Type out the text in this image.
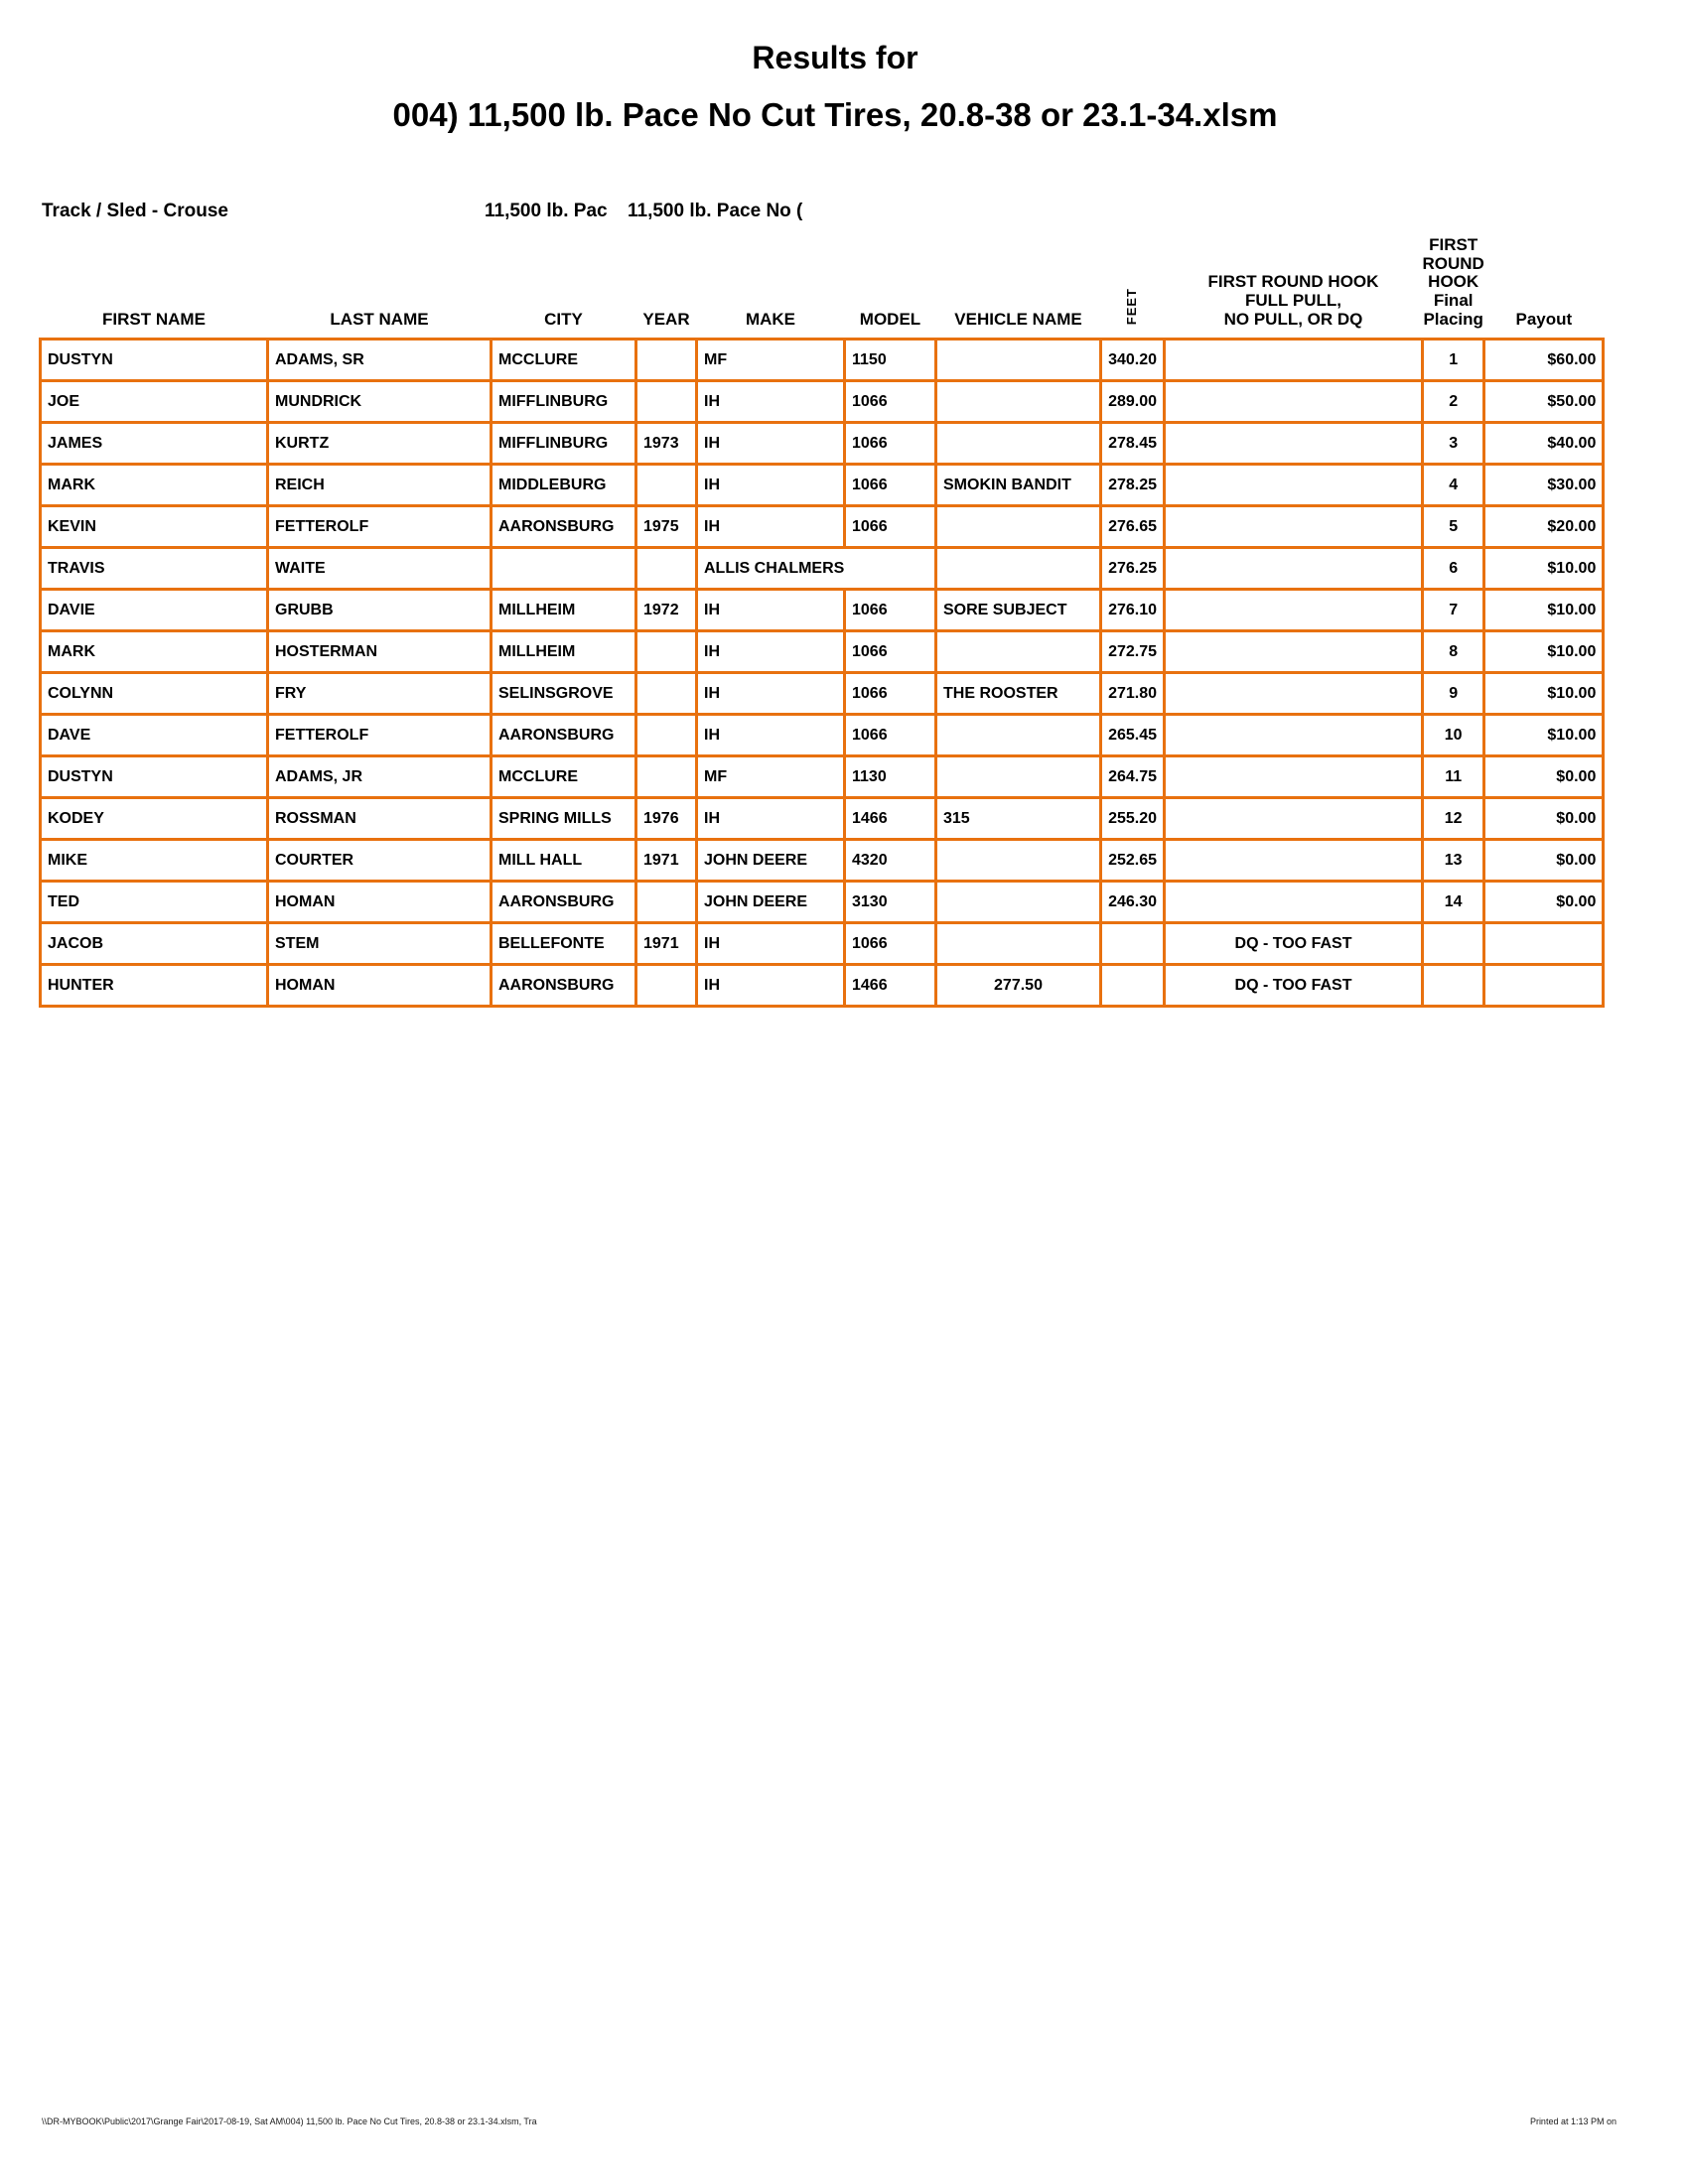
Results for
004) 11,500 lb. Pace No Cut Tires, 20.8-38 or 23.1-34.xlsm
Track / Sled - Crouse	11,500 lb. Pac 11,500 lb. Pace No (
FIRST NAME	LAST NAME	CITY	YEAR	MAKE	MODEL	VEHICLE NAME	FEET	
FIRST ROUND HOOK
FULL PULL,
NO PULL, OR DQ

FIRST
ROUND
HOOK
Final
Placing	Payout
DUSTYN	ADAMS, SR	MCCLURE		MF	1150		340.20		1	$60.00
JOE	MUNDRICK	MIFFLINBURG		IH	1066		289.00		2	$50.00
JAMES	KURTZ	MIFFLINBURG	1973	IH	1066		278.45		3	$40.00
MARK	REICH	MIDDLEBURG		IH	1066	SMOKIN BANDIT	278.25		4	$30.00
KEVIN	FETTEROLF	AARONSBURG	1975	IH	1066		276.65		5	$20.00
TRAVIS	WAITE			ALLIS CHALMERS			276.25		6	$10.00
DAVIE	GRUBB	MILLHEIM	1972	IH	1066	SORE SUBJECT	276.10		7	$10.00
MARK	HOSTERMAN	MILLHEIM		IH	1066		272.75		8	$10.00
COLYNN	FRY	SELINSGROVE		IH	1066	THE ROOSTER	271.80		9	$10.00
DAVE	FETTEROLF	AARONSBURG		IH	1066		265.45		10	$10.00
DUSTYN	ADAMS, JR	MCCLURE		MF	1130		264.75		11	$0.00
KODEY	ROSSMAN	SPRING MILLS	1976	IH	1466	315	255.20		12	$0.00
MIKE	COURTER	MILL HALL	1971	JOHN DEERE	4320		252.65		13	$0.00
TED	HOMAN	AARONSBURG		JOHN DEERE	3130		246.30		14	$0.00
JACOB	STEM	BELLEFONTE	1971	IH	1066			DQ - TOO FAST		
HUNTER	HOMAN	AARONSBURG		IH	1466	277.50		DQ - TOO FAST		
\\DR-MYBOOK\Public\2017\Grange Fair\2017-08-19, Sat AM\004) 11,500 lb. Pace No Cut Tires, 20.8-38 or 23.1-34.xlsm, Tra	Printed at 1:13 PM on
